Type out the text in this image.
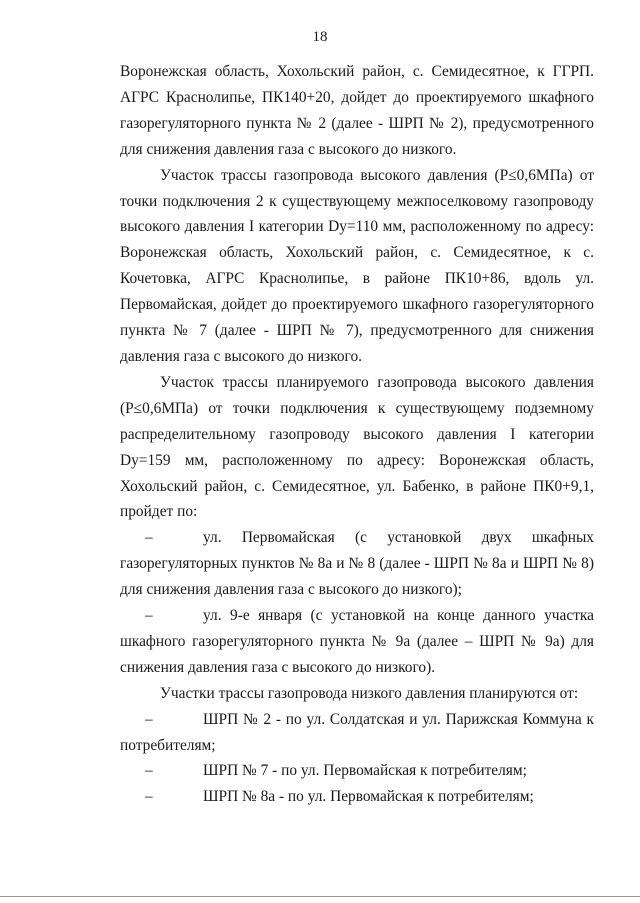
18

Воронежская область, Хохольский район, с. Семидесятное, к ГГРП. АГРС Краснолипье, ПК140+20, дойдет до проектируемого шкафного газорегуляторного пункта № 2 (далее - ШРП № 2), предусмотренного для снижения давления газа с высокого до низкого.

Участок трассы газопровода высокого давления (Р≤0,6МПа) от точки подключения 2 к существующему межпоселковому газопроводу высокого давления I категории Dy=110 мм, расположенному по адресу: Воронежская область, Хохольский район, с. Семидесятное, к с. Кочетовка, АГРС Краснолипье, в районе ПК10+86, вдоль ул. Первомайская, дойдет до проектируемого шкафного газорегуляторного пункта № 7 (далее - ШРП № 7), предусмотренного для снижения давления газа с высокого до низкого.

Участок трассы планируемого газопровода высокого давления (Р≤0,6МПа) от точки подключения к существующему подземному распределительному газопроводу высокого давления I категории Dy=159 мм, расположенному по адресу: Воронежская область, Хохольский район, с. Семидесятное, ул. Бабенко, в районе ПК0+9,1, пройдет по:

–	ул. Первомайская (с установкой двух шкафных газорегуляторных пунктов № 8а и № 8 (далее - ШРП № 8а и ШРП № 8) для снижения давления газа с высокого до низкого);

–	ул. 9-е января (с установкой на конце данного участка шкафного газорегуляторного пункта № 9а (далее – ШРП № 9а) для снижения давления газа с высокого до низкого).

Участки трассы газопровода низкого давления планируются от:

–	ШРП № 2 - по ул. Солдатская и ул. Парижская Коммуна к потребителям;

–	ШРП № 7 - по ул. Первомайская к потребителям;

–	ШРП № 8а - по ул. Первомайская к потребителям;
